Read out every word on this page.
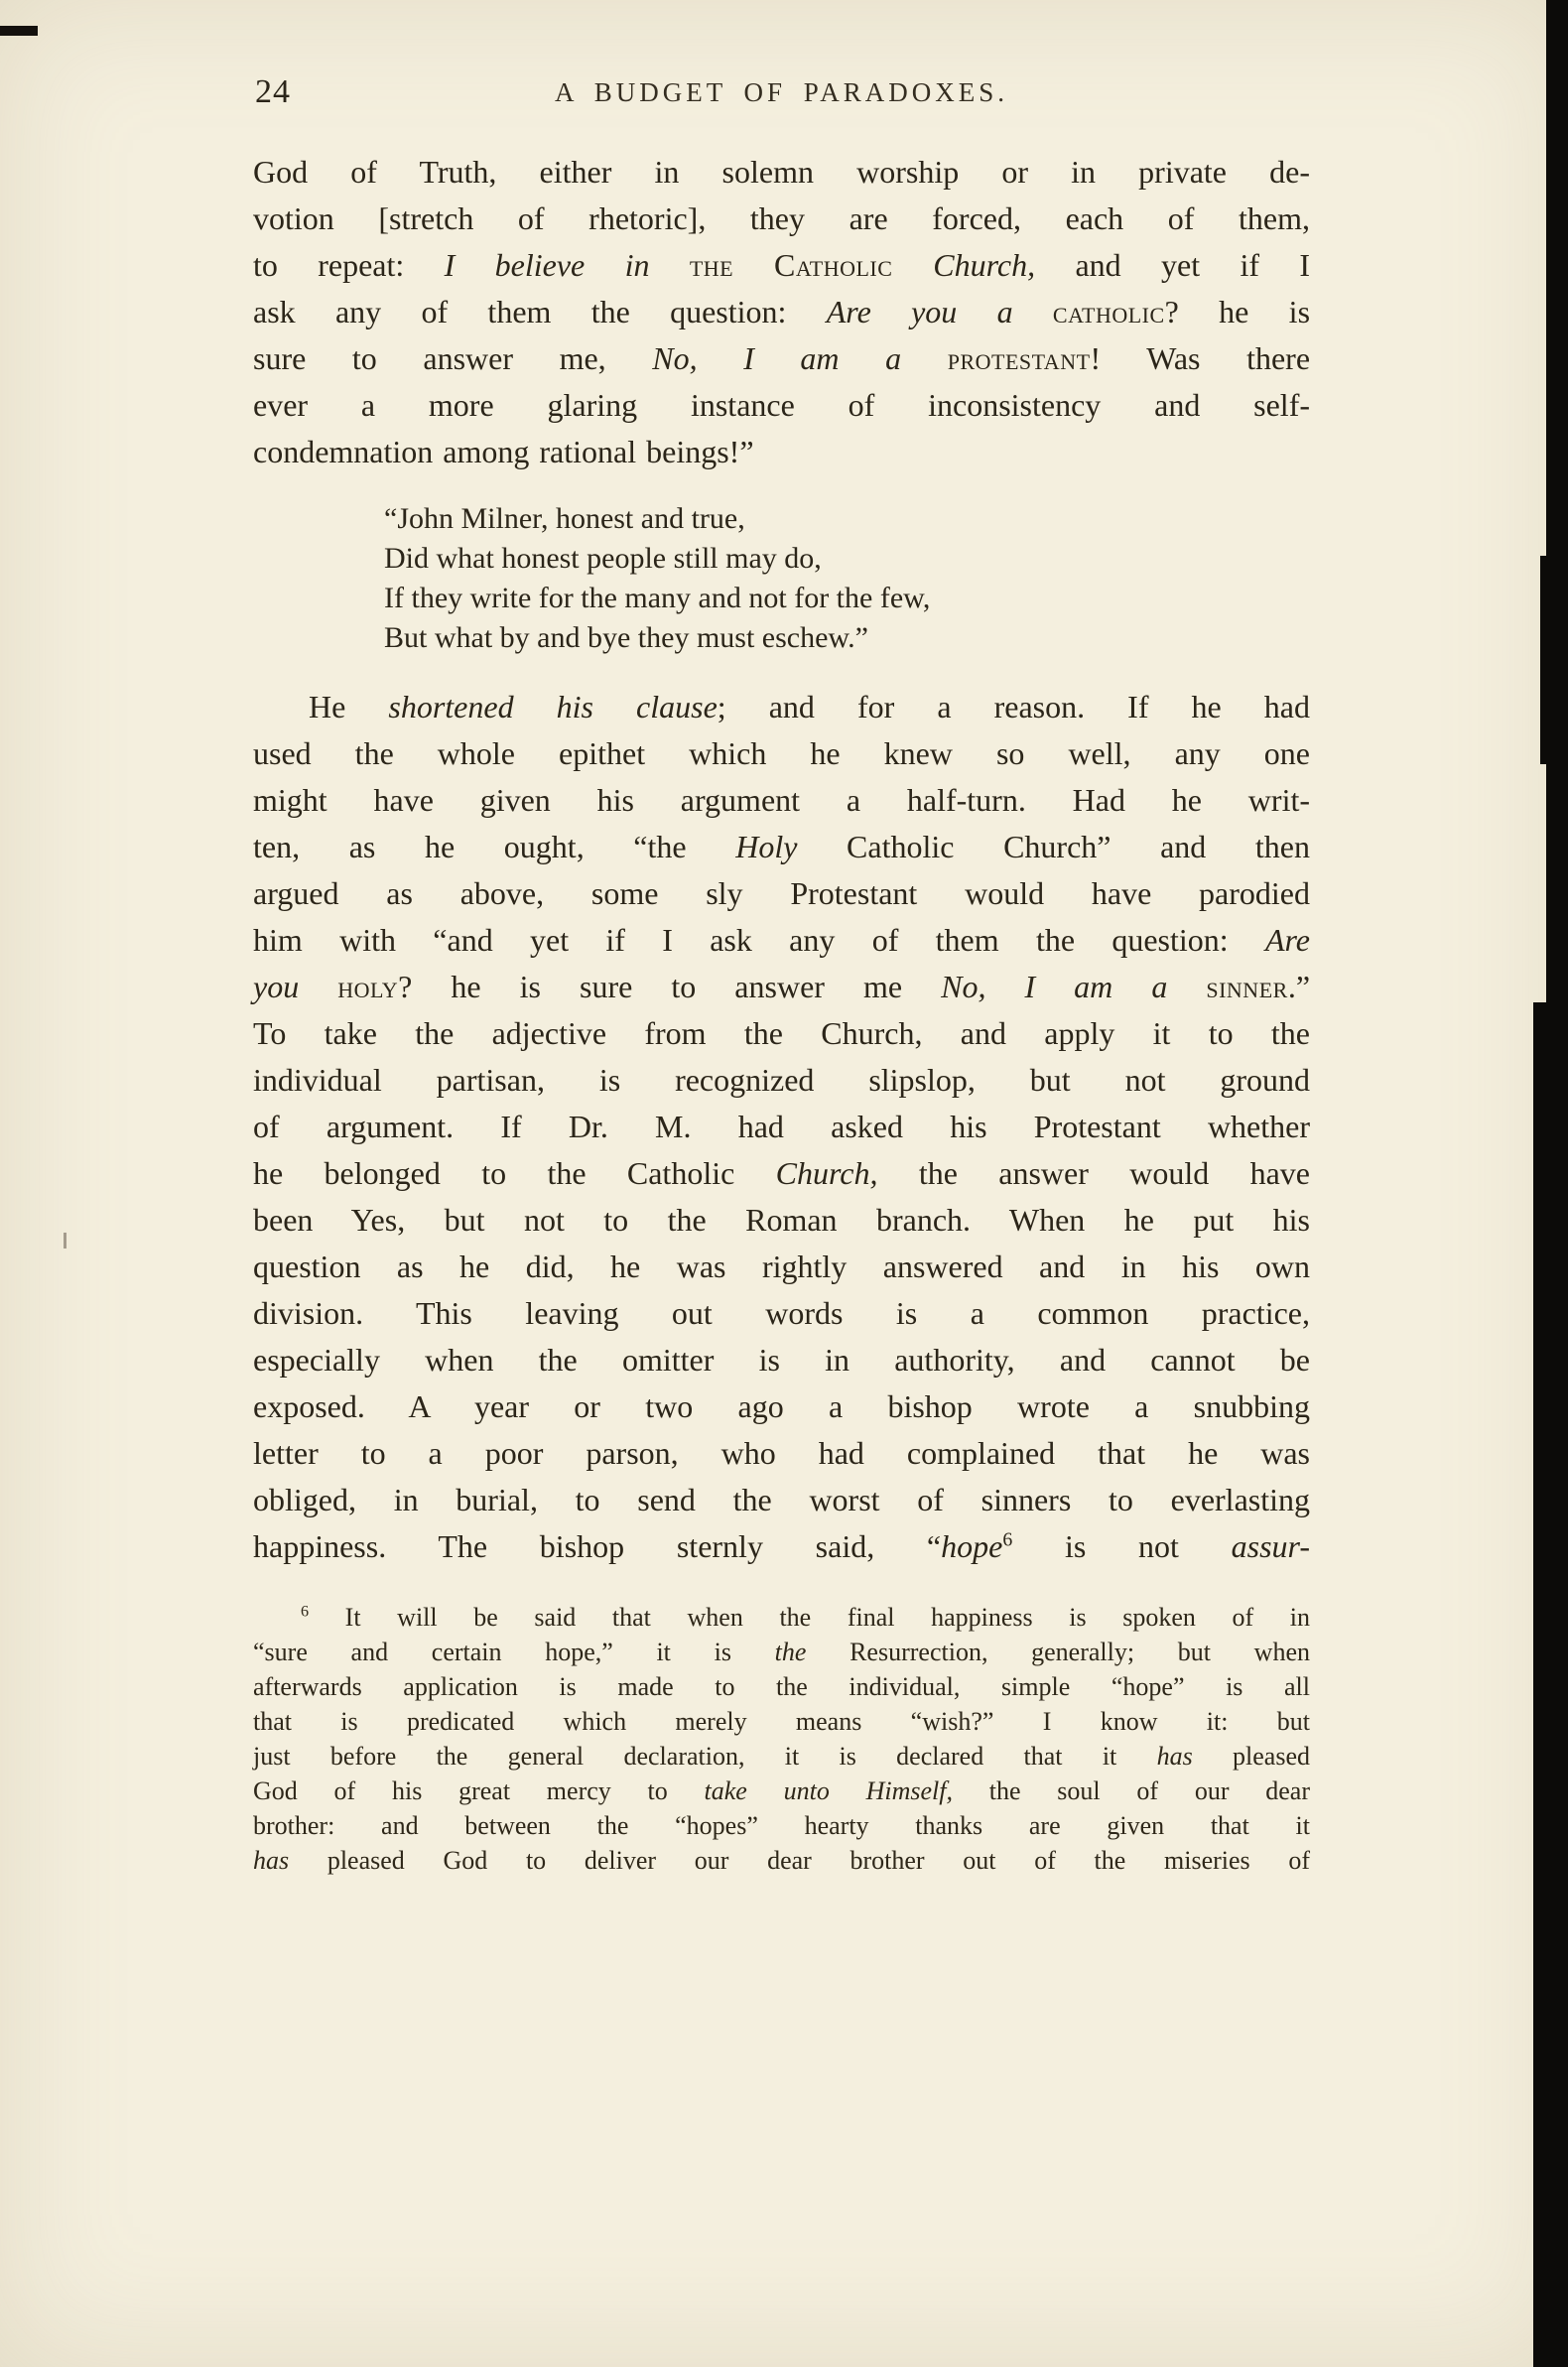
24	A BUDGET OF PARADOXES.
God of Truth, either in solemn worship or in private de-
votion [stretch of rhetoric], they are forced, each of them,
to repeat: I believe in the Catholic Church, and yet if I
ask any of them the question: Are you a catholic? he is
sure to answer me, No, I am a protestant! Was there
ever a more glaring instance of inconsistency and self-
condemnation among rational beings!”
“John Milner, honest and true,
Did what honest people still may do,
If they write for the many and not for the few,
But what by and bye they must eschew.”
He shortened his clause; and for a reason. If he had
used the whole epithet which he knew so well, any one
might have given his argument a half-turn. Had he writ-
ten, as he ought, “the Holy Catholic Church” and then
argued as above, some sly Protestant would have parodied
him with “and yet if I ask any of them the question: Are
you holy? he is sure to answer me No, I am a sinner.”
To take the adjective from the Church, and apply it to the
individual partisan, is recognized slipslop, but not ground
of argument. If Dr. M. had asked his Protestant whether
he belonged to the Catholic Church, the answer would have
been Yes, but not to the Roman branch. When he put his
question as he did, he was rightly answered and in his own
division. This leaving out words is a common practice,
especially when the omitter is in authority, and cannot be
exposed. A year or two ago a bishop wrote a snubbing
letter to a poor parson, who had complained that he was
obliged, in burial, to send the worst of sinners to everlasting
happiness. The bishop sternly said, “hope$^6$ is not assur-
$^6$ It will be said that when the final happiness is spoken of in
“sure and certain hope,” it is the Resurrection, generally; but when
afterwards application is made to the individual, simple “hope” is all
that is predicated which merely means “wish?” I know it: but
just before the general declaration, it is declared that it has pleased
God of his great mercy to take unto Himself, the soul of our dear
brother: and between the “hopes” hearty thanks are given that it
has pleased God to deliver our dear brother out of the miseries of
